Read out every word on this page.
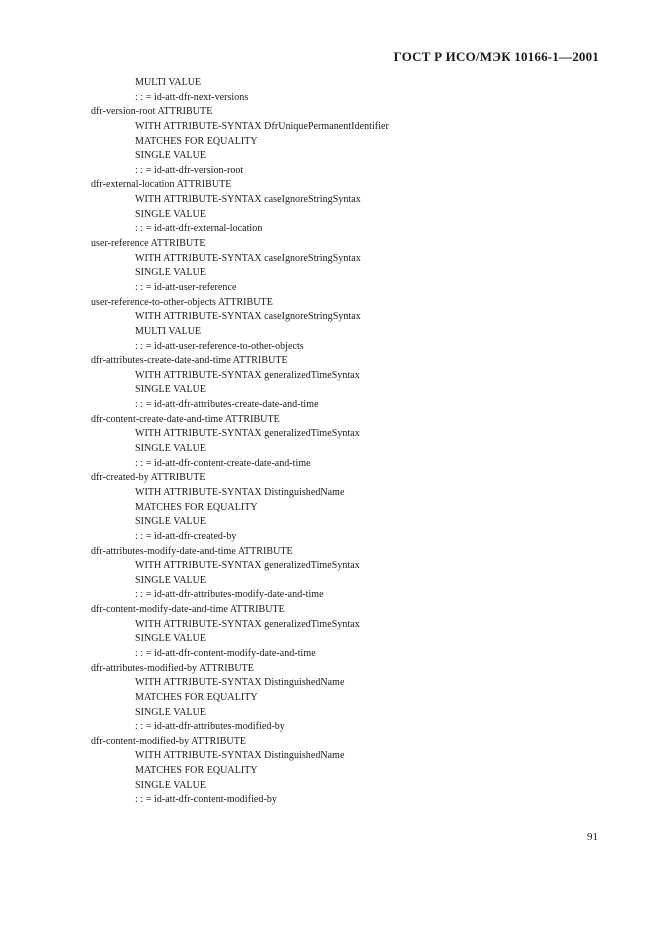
ГОСТ Р ИСО/МЭК 10166-1—2001
MULTI VALUE
: : = id-att-dfr-next-versions
dfr-version-root ATTRIBUTE
WITH ATTRIBUTE-SYNTAX DfrUniquePermanentIdentifier
MATCHES FOR EQUALITY
SINGLE VALUE
: : = id-att-dfr-version-root
dfr-external-location ATTRIBUTE
WITH ATTRIBUTE-SYNTAX caseIgnoreStringSyntax
SINGLE VALUE
: : = id-att-dfr-external-location
user-reference ATTRIBUTE
WITH ATTRIBUTE-SYNTAX caseIgnoreStringSyntax
SINGLE VALUE
: : = id-att-user-reference
user-reference-to-other-objects ATTRIBUTE
WITH ATTRIBUTE-SYNTAX caseIgnoreStringSyntax
MULTI VALUE
: : = id-att-user-reference-to-other-objects
dfr-attributes-create-date-and-time ATTRIBUTE
WITH ATTRIBUTE-SYNTAX generalizedTimeSyntax
SINGLE VALUE
: : = id-att-dfr-attributes-create-date-and-time
dfr-content-create-date-and-time ATTRIBUTE
WITH ATTRIBUTE-SYNTAX generalizedTimeSyntax
SINGLE VALUE
: : = id-att-dfr-content-create-date-and-time
dfr-created-by ATTRIBUTE
WITH ATTRIBUTE-SYNTAX DistinguishedName
MATCHES FOR EQUALITY
SINGLE VALUE
: : = id-att-dfr-created-by
dfr-attributes-modify-date-and-time ATTRIBUTE
WITH ATTRIBUTE-SYNTAX generalizedTimeSyntax
SINGLE VALUE
: : = id-att-dfr-attributes-modify-date-and-time
dfr-content-modify-date-and-time ATTRIBUTE
WITH ATTRIBUTE-SYNTAX generalizedTimeSyntax
SINGLE VALUE
: : = id-att-dfr-content-modify-date-and-time
dfr-attributes-modified-by ATTRIBUTE
WITH ATTRIBUTE-SYNTAX DistinguishedName
MATCHES FOR EQUALITY
SINGLE VALUE
: : = id-att-dfr-attributes-modified-by
dfr-content-modified-by ATTRIBUTE
WITH ATTRIBUTE-SYNTAX DistinguishedName
MATCHES FOR EQUALITY
SINGLE VALUE
: : = id-att-dfr-content-modified-by
91
